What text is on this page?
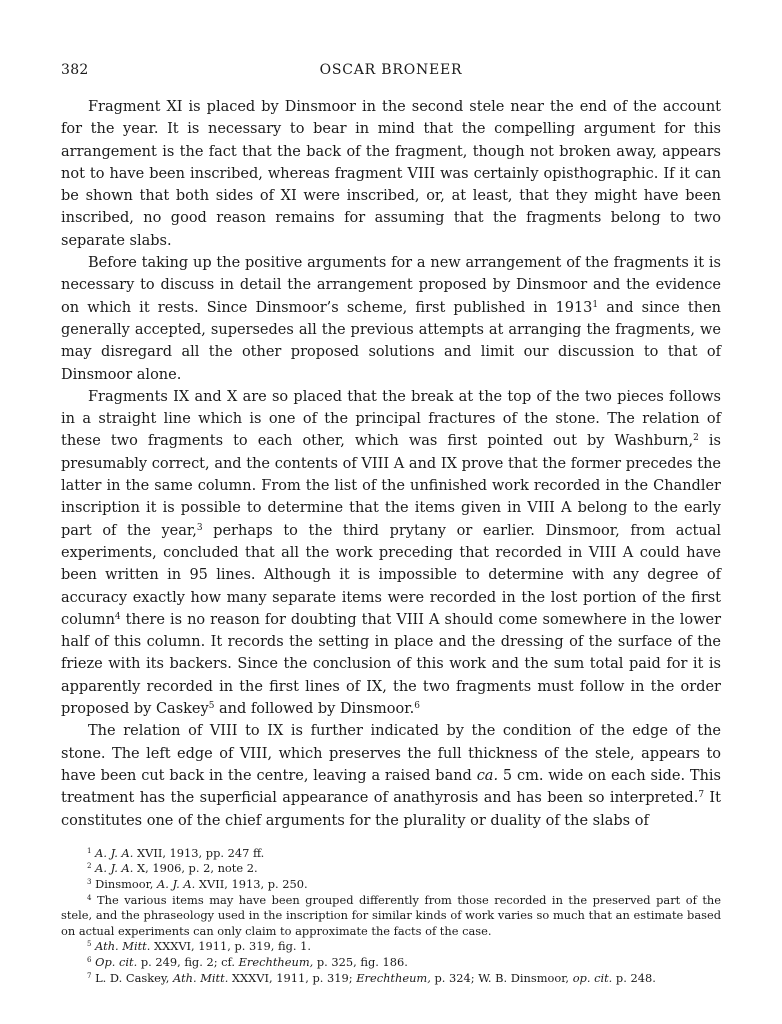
382	OSCAR BRONEER

Fragment XI is placed by Dinsmoor in the second stele near the end of the account for the year. It is necessary to bear in mind that the compelling argument for this arrangement is the fact that the back of the fragment, though not broken away, appears not to have been inscribed, whereas fragment VIII was certainly opisthographic. If it can be shown that both sides of XI were inscribed, or, at least, that they might have been inscribed, no good reason remains for assuming that the fragments belong to two separate slabs.

Before taking up the positive arguments for a new arrangement of the fragments it is necessary to discuss in detail the arrangement proposed by Dinsmoor and the evidence on which it rests. Since Dinsmoor’s scheme, first published in 1913$^1$ and since then generally accepted, supersedes all the previous attempts at arranging the fragments, we may disregard all the other proposed solutions and limit our discussion to that of Dinsmoor alone.

Fragments IX and X are so placed that the break at the top of the two pieces follows in a straight line which is one of the principal fractures of the stone. The relation of these two fragments to each other, which was first pointed out by Washburn,$^2$ is presumably correct, and the contents of VIII A and IX prove that the former precedes the latter in the same column. From the list of the unfinished work recorded in the Chandler inscription it is possible to determine that the items given in VIII A belong to the early part of the year,$^3$ perhaps to the third prytany or earlier. Dinsmoor, from actual experiments, concluded that all the work preceding that recorded in VIII A could have been written in 95 lines. Although it is impossible to determine with any degree of accuracy exactly how many separate items were recorded in the lost portion of the first column$^4$ there is no reason for doubting that VIII A should come somewhere in the lower half of this column. It records the setting in place and the dressing of the surface of the frieze with its backers. Since the conclusion of this work and the sum total paid for it is apparently recorded in the first lines of IX, the two fragments must follow in the order proposed by Caskey$^5$ and followed by Dinsmoor.$^6$

The relation of VIII to IX is further indicated by the condition of the edge of the stone. The left edge of VIII, which preserves the full thickness of the stele, appears to have been cut back in the centre, leaving a raised band ca. 5 cm. wide on each side. This treatment has the superficial appearance of anathyrosis and has been so interpreted.$^7$ It constitutes one of the chief arguments for the plurality or duality of the slabs of

$^1$ A. J. A. XVII, 1913, pp. 247 ff.

$^2$ A. J. A. X, 1906, p. 2, note 2.

$^3$ Dinsmoor, A. J. A. XVII, 1913, p. 250.

$^4$ The various items may have been grouped differently from those recorded in the preserved part of the stele, and the phraseology used in the inscription for similar kinds of work varies so much that an estimate based on actual experiments can only claim to approximate the facts of the case.

$^5$ Ath. Mitt. XXXVI, 1911, p. 319, fig. 1.

$^6$ Op. cit. p. 249, fig. 2; cf. Erechtheum, p. 325, fig. 186.

$^7$ L. D. Caskey, Ath. Mitt. XXXVI, 1911, p. 319; Erechtheum, p. 324; W. B. Dinsmoor, op. cit. p. 248.
